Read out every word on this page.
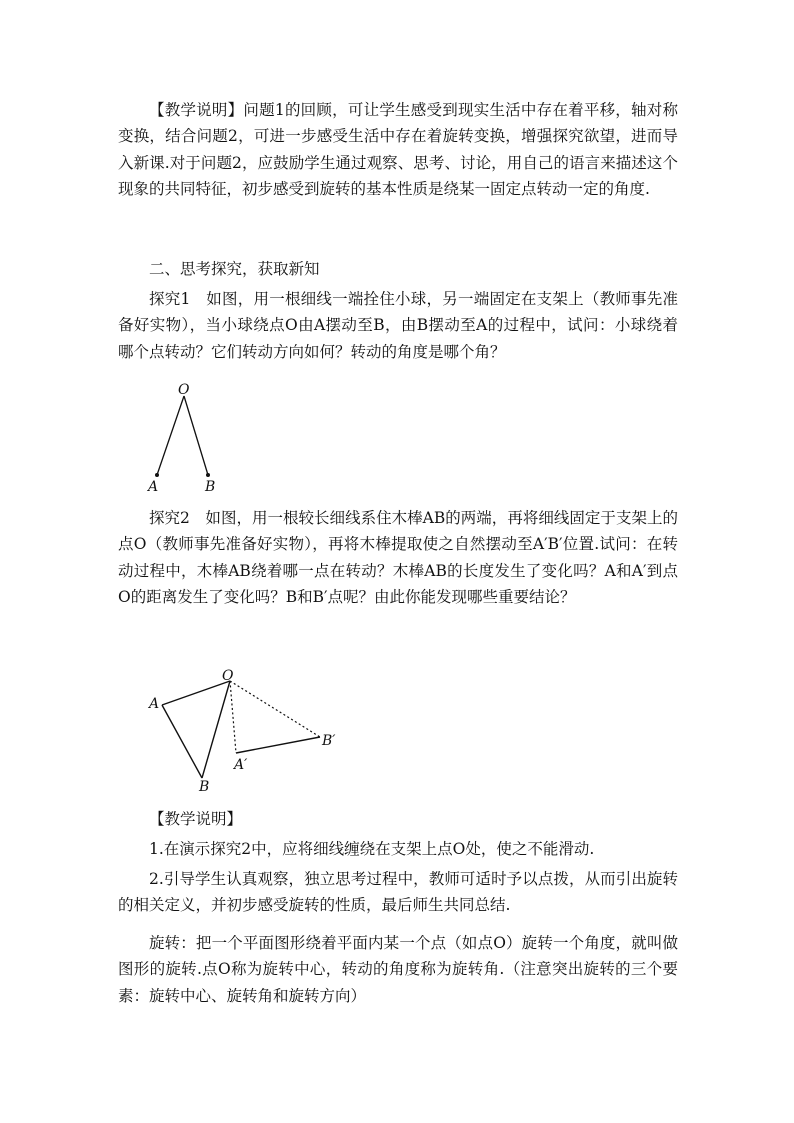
【教学说明】问题1的回顾，可让学生感受到现实生活中存在着平移，轴对称变换，结合问题2，可进一步感受生活中存在着旋转变换，增强探究欲望，进而导入新课.对于问题2，应鼓励学生通过观察、思考、讨论，用自己的语言来描述这个现象的共同特征，初步感受到旋转的基本性质是绕某一固定点转动一定的角度.

二、思考探究，获取新知

探究1　如图，用一根细线一端拴住小球，另一端固定在支架上（教师事先准备好实物），当小球绕点O由A摆动至B，由B摆动至A的过程中，试问：小球绕着哪个点转动？它们转动方向如何？转动的角度是哪个角？

O
A	B

探究2　如图，用一根较长细线系住木棒AB的两端，再将细线固定于支架上的点O（教师事先准备好实物），再将木棒提取使之自然摆动至A′B′位置.试问：在转动过程中，木棒AB绕着哪一点在转动？木棒AB的长度发生了变化吗？A和A′到点O的距离发生了变化吗？B和B′点呢？由此你能发现哪些重要结论？

O
A
B
A′
B′

【教学说明】

1.在演示探究2中，应将细线缠绕在支架上点O处，使之不能滑动.

2.引导学生认真观察，独立思考过程中，教师可适时予以点拨，从而引出旋转的相关定义，并初步感受旋转的性质，最后师生共同总结.

旋转：把一个平面图形绕着平面内某一个点（如点O）旋转一个角度，就叫做图形的旋转.点O称为旋转中心，转动的角度称为旋转角.（注意突出旋转的三个要素：旋转中心、旋转角和旋转方向）
